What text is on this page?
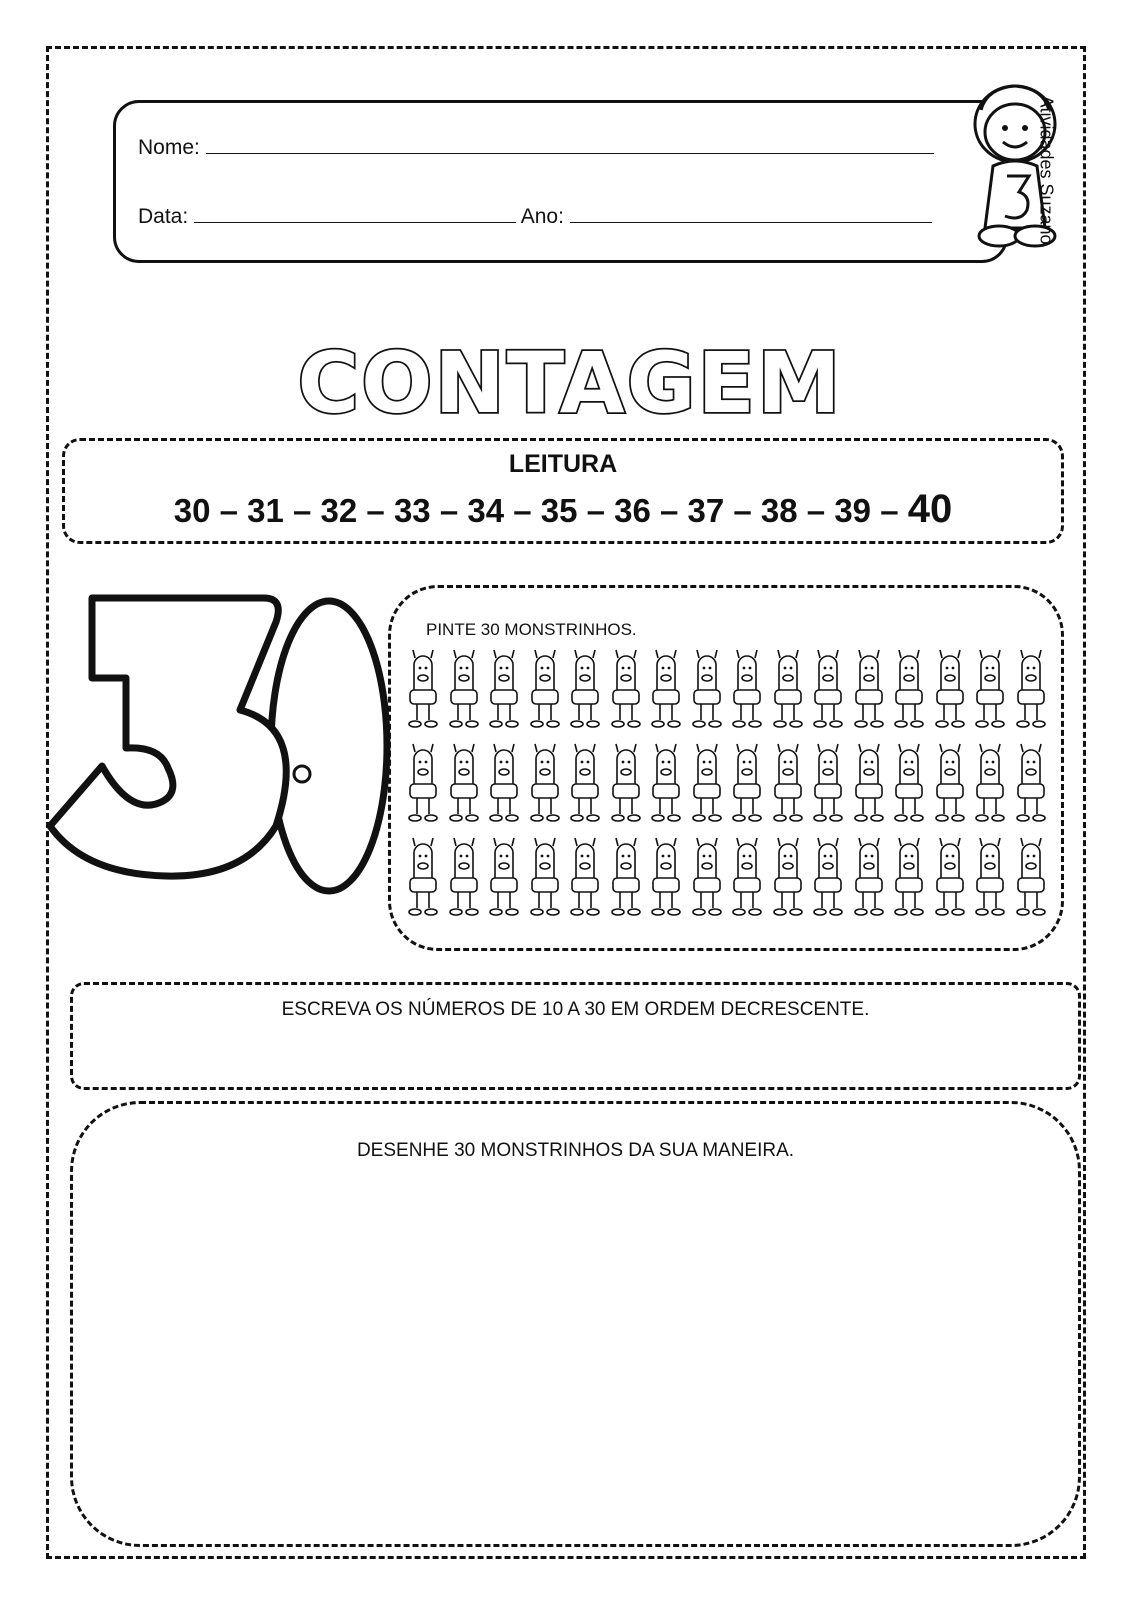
Nome:
Data:	Ano:	Atividades Suzano
CONTAGEM
LEITURA
30 – 31 – 32 – 33 – 34 – 35 – 36 – 37 – 38 – 39 – 40
30
PINTE 30 MONSTRINHOS.
ESCREVA OS NÚMEROS DE 10 A 30 EM ORDEM DECRESCENTE.
DESENHE 30 MONSTRINHOS DA SUA MANEIRA.
